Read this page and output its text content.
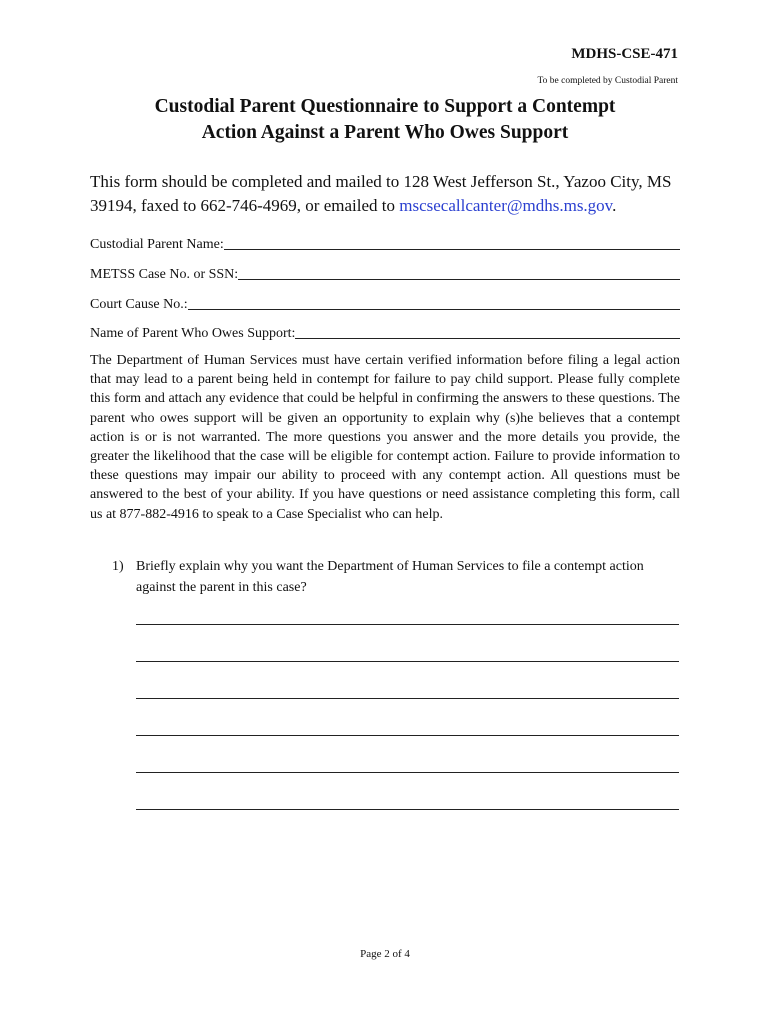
MDHS-CSE-471
To be completed by Custodial Parent
Custodial Parent Questionnaire to Support a Contempt
Action Against a Parent Who Owes Support
This form should be completed and mailed to 128 West Jefferson St., Yazoo City, MS 39194, faxed to 662-746-4969, or emailed to mscsecallcanter@mdhs.ms.gov.
Custodial Parent Name:
METSS Case No. or SSN:
Court Cause No.:
Name of Parent Who Owes Support:
The Department of Human Services must have certain verified information before filing a legal action that may lead to a parent being held in contempt for failure to pay child support. Please fully complete this form and attach any evidence that could be helpful in confirming the answers to these questions. The parent who owes support will be given an opportunity to explain why (s)he believes that a contempt action is or is not warranted. The more questions you answer and the more details you provide, the greater the likelihood that the case will be eligible for contempt action. Failure to provide information to these questions may impair our ability to proceed with any contempt action. All questions must be answered to the best of your ability. If you have questions or need assistance completing this form, call us at 877-882-4916 to speak to a Case Specialist who can help.
1) Briefly explain why you want the Department of Human Services to file a contempt action against the parent in this case?
Page 2 of 4
